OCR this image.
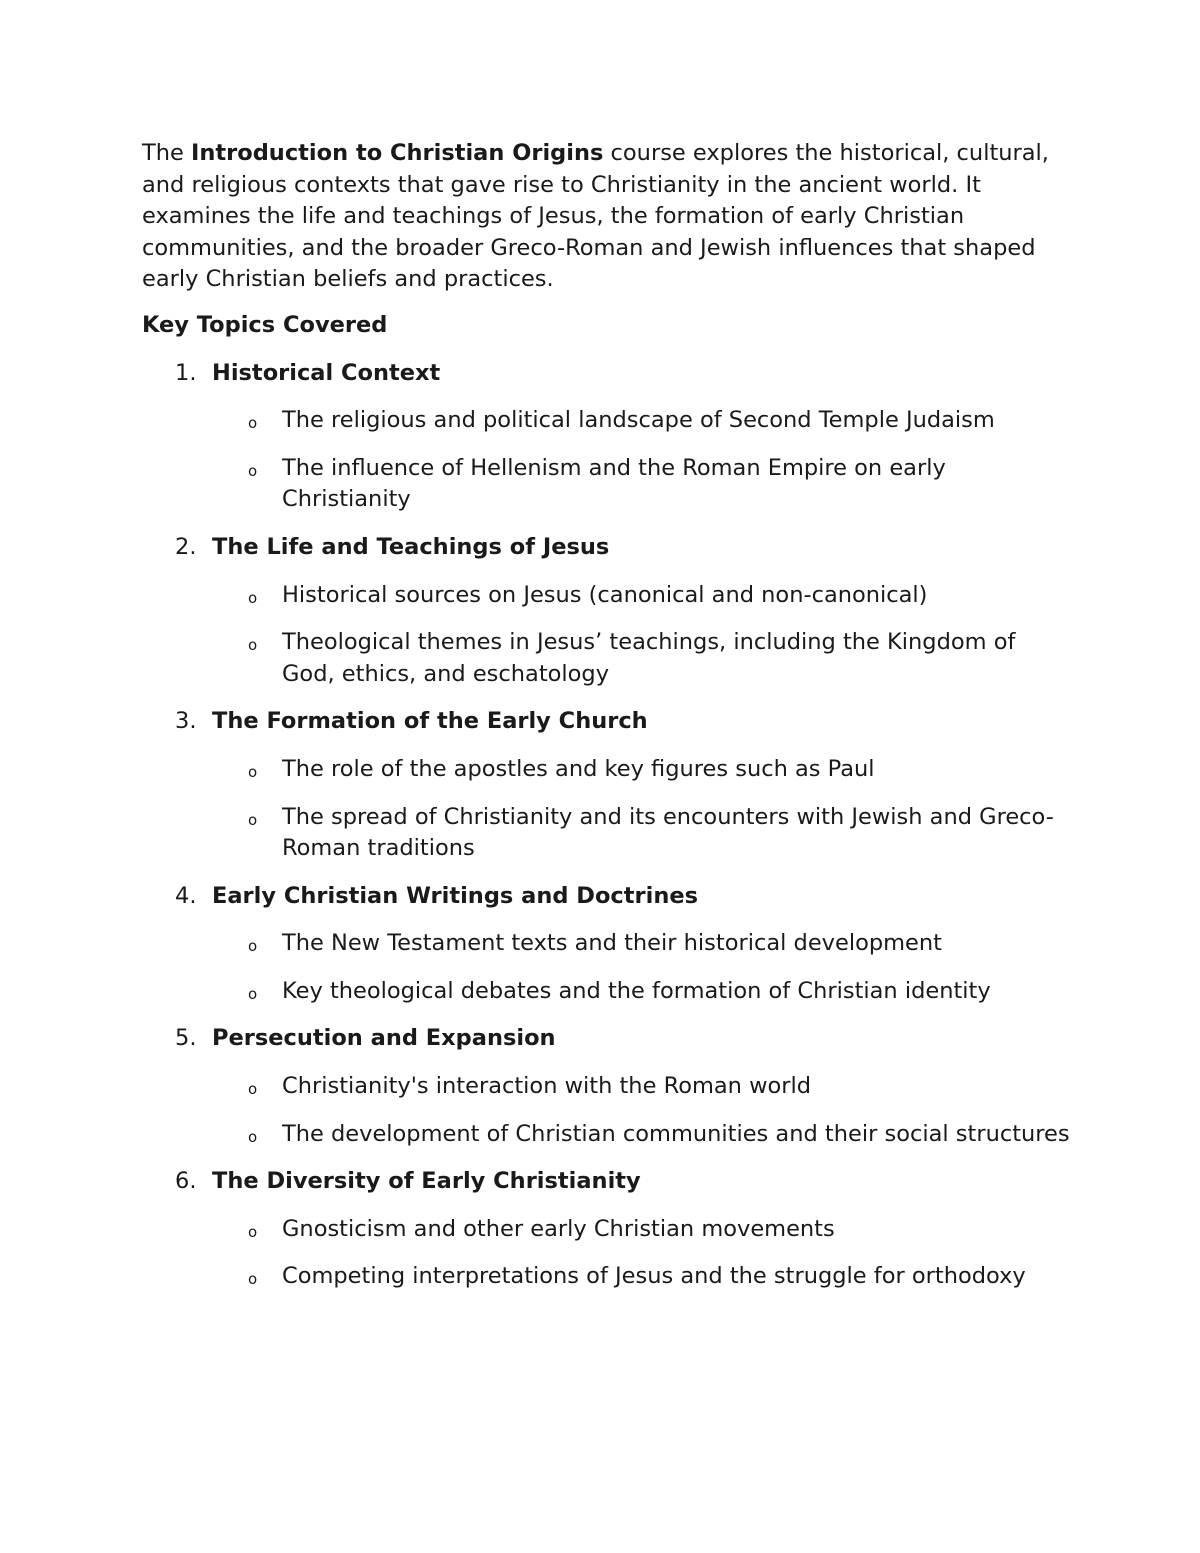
The Introduction to Christian Origins course explores the historical, cultural, and religious contexts that gave rise to Christianity in the ancient world. It examines the life and teachings of Jesus, the formation of early Christian communities, and the broader Greco-Roman and Jewish influences that shaped early Christian beliefs and practices.

Key Topics Covered
1. Historical Context
o The religious and political landscape of Second Temple Judaism
o The influence of Hellenism and the Roman Empire on early Christianity
2. The Life and Teachings of Jesus
o Historical sources on Jesus (canonical and non-canonical)
o Theological themes in Jesus’ teachings, including the Kingdom of God, ethics, and eschatology
3. The Formation of the Early Church
o The role of the apostles and key figures such as Paul
o The spread of Christianity and its encounters with Jewish and Greco-Roman traditions
4. Early Christian Writings and Doctrines
o The New Testament texts and their historical development
o Key theological debates and the formation of Christian identity
5. Persecution and Expansion
o Christianity's interaction with the Roman world
o The development of Christian communities and their social structures
6. The Diversity of Early Christianity
o Gnosticism and other early Christian movements
o Competing interpretations of Jesus and the struggle for orthodoxy
